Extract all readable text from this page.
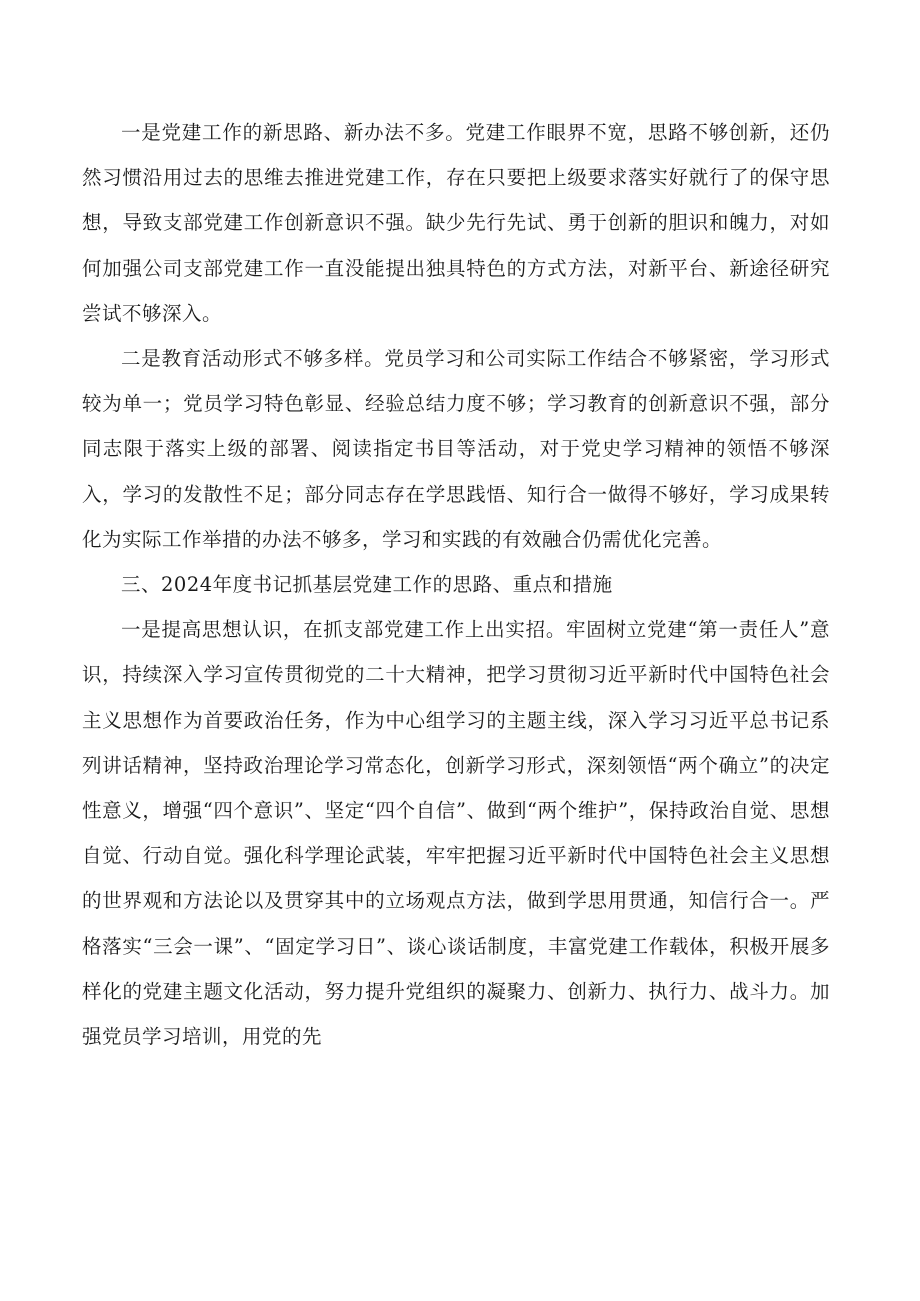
一是党建工作的新思路、新办法不多。党建工作眼界不宽，思路不够创新，还仍然习惯沿用过去的思维去推进党建工作，存在只要把上级要求落实好就行了的保守思想，导致支部党建工作创新意识不强。缺少先行先试、勇于创新的胆识和魄力，对如何加强公司支部党建工作一直没能提出独具特色的方式方法，对新平台、新途径研究尝试不够深入。

二是教育活动形式不够多样。党员学习和公司实际工作结合不够紧密，学习形式较为单一；党员学习特色彰显、经验总结力度不够；学习教育的创新意识不强，部分同志限于落实上级的部署、阅读指定书目等活动，对于党史学习精神的领悟不够深入，学习的发散性不足；部分同志存在学思践悟、知行合一做得不够好，学习成果转化为实际工作举措的办法不够多，学习和实践的有效融合仍需优化完善。

三、2024年度书记抓基层党建工作的思路、重点和措施

一是提高思想认识，在抓支部党建工作上出实招。牢固树立党建“第一责任人”意识，持续深入学习宣传贯彻党的二十大精神，把学习贯彻习近平新时代中国特色社会主义思想作为首要政治任务，作为中心组学习的主题主线，深入学习习近平总书记系列讲话精神，坚持政治理论学习常态化，创新学习形式，深刻领悟“两个确立”的决定性意义，增强“四个意识”、坚定“四个自信”、做到“两个维护”，保持政治自觉、思想自觉、行动自觉。强化科学理论武装，牢牢把握习近平新时代中国特色社会主义思想的世界观和方法论以及贯穿其中的立场观点方法，做到学思用贯通，知信行合一。严格落实“三会一课”、“固定学习日”、谈心谈话制度，丰富党建工作载体，积极开展多样化的党建主题文化活动，努力提升党组织的凝聚力、创新力、执行力、战斗力。加强党员学习培训，用党的先
